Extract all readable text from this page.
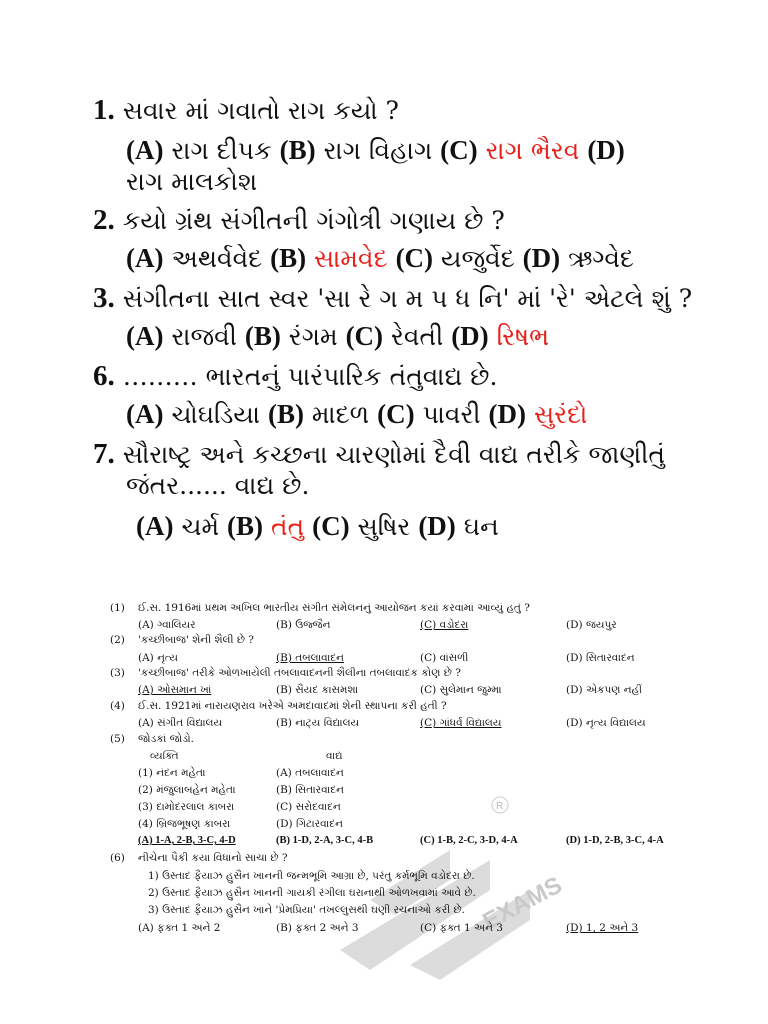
1. સવાર માં ગવાતો રાગ કયો ?
(A) રાગ દીપક (B) રાગ વિહાગ (C) રાગ ભૈરવ (D)
રાગ માલકોશ
2. કયો ગ્રંથ સંગીતની ગંગોત્રી ગણાય છે ?
(A) અથર્વવેદ (B) સામવેદ (C) યજુર્વેદ (D) ઋગ્વેદ
3. સંગીતના સાત સ્વર 'સા રે ગ મ પ ધ નિ' માં 'રે' એટલે શું ?
(A) રાજવી (B) રંગમ (C) રેવતી (D) રિષભ
6. ……… ભારતનું પારંપારિક તંતુવાદ્ય છે.
(A) ચોઘડિયા (B) માદળ (C) પાવરી (D) સુરંદો
7. સૌરાષ્ટ્ર અને કચ્છના ચારણોમાં દૈવી વાદ્ય તરીકે જાણીતું
જંતર...... વાદ્ય છે.
(A) ચર્મ (B) તંતુ (C) સુષિર (D) ઘન
R
EXAMS
(1) ઈ.સ. 1916માં પ્રથમ અખિલ ભારતીય સંગીત સંમેલનનું આયોજન કયાં કરવામાં આવ્યું હતું ?
(A) ગ્વાલિયર	(B) ઉજ્જૈન	(C) વડોદરા	(D) જયપુર
(2) 'કચ્છીબાજ' શેની શૈલી છે ?
(A) નૃત્ય	(B) તબલાવાદન	(C) વાંસળી	(D) સિતારવાદન
(3) 'કચ્છીબાજ' તરીકે ઓળખાયેલી તબલાવાદનની શૈલીના તબલાવાદક કોણ છે ?
(A) ઓસમાન ખાં	(B) સૈયદ કાસમશા	(C) સુલેમાન જુમ્મા	(D) એકપણ નહીં
(4) ઈ.સ. 1921માં નારાયણરાવ ખરેએ અમદાવાદમાં શેની સ્થાપના કરી હતી ?
(A) સંગીત વિદ્યાલય	(B) નાટ્ય વિદ્યાલય	(C) ગાંધર્વ વિદ્યાલય	(D) નૃત્ય વિદ્યાલય
(5) જોડકાં જોડો.
વ્યક્તિ	વાદ્ય
(1) નંદન મહેતા	(A) તબલાવાદન
(2) મંજુલાબહેન મહેતા	(B) સિતારવાદન
(3) દામોદરલાલ કાબરા	(C) સરોદવાદન
(4) બ્રિજભૂષણ કાબરા	(D) ગિટારવાદન
(A) 1-A, 2-B, 3-C, 4-D	(B) 1-D, 2-A, 3-C, 4-B	(C) 1-B, 2-C, 3-D, 4-A	(D) 1-D, 2-B, 3-C, 4-A
(6) નીચેના પૈકી કયા વિધાનો સાચા છે ?
1) ઉસ્તાદ ફૈયાઝ હુસૈન ખાનની જન્મભૂમિ આગ્રા છે, પરંતુ કર્મભૂમિ વડોદરા છે.
2) ઉસ્તાદ ફૈયાઝ હુસૈન ખાનની ગાયકી રંગીલા ઘરાનાથી ઓળખવામાં આવે છે.
3) ઉસ્તાદ ફૈયાઝ હુસૈન ખાને 'પ્રેમપ્રિયા' તખલ્લુસથી ઘણી રચનાઓ કરી છે.
(A) ફક્ત 1 અને 2	(B) ફક્ત 2 અને 3	(C) ફક્ત 1 અને 3	(D) 1, 2 અને 3
